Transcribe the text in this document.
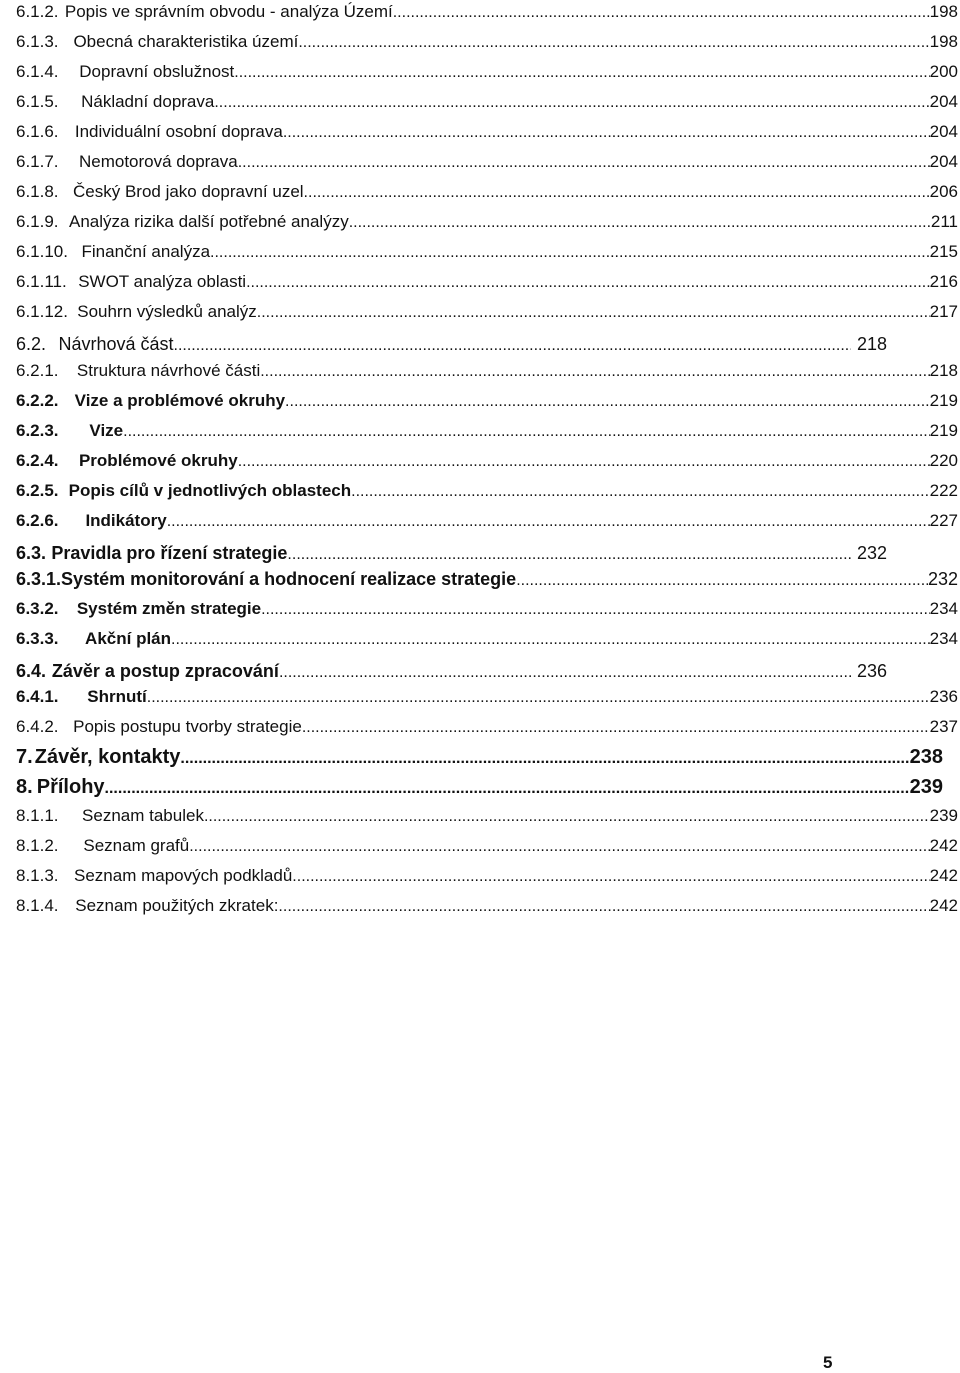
6.1.2. Popis ve správním obvodu - analýza Území .....	198
6.1.3. Obecná charakteristika území .....	198
6.1.4.	Dopravní obslužnost .....	200
6.1.5.	Nákladní doprava .....	204
6.1.6. Individuální osobní doprava .....	204
6.1.7.	Nemotorová doprava .....	204
6.1.8. Český Brod jako dopravní uzel .....	206
6.1.9. Analýza rizika další potřebné analýzy .....	211
6.1.10. Finanční analýza .....	215
6.1.11. SWOT analýza oblasti .....	216
6.1.12. Souhrn výsledků analýz .....	217
6.2. Návrhová část .....	218
6.2.1.	Struktura návrhové části .....	218
6.2.2. Vize a problémové okruhy .....	219
6.2.3.	Vize .....	219
6.2.4.	Problémové okruhy .....	220
6.2.5. Popis cílů v jednotlivých oblastech .....	222
6.2.6.	Indikátory .....	227
6.3. Pravidla pro řízení strategie .....	232
6.3.1. Systém monitorování a hodnocení realizace strategie .....	232
6.3.2.	Systém změn strategie .....	234
6.3.3.	Akční plán .....	234
6.4. Závěr a postup zpracování .....	236
6.4.1.	Shrnutí .....	236
6.4.2. Popis postupu tvorby strategie .....	237
7. Závěr, kontakty .....	238
8. Přílohy .....	239
8.1.1.	Seznam tabulek .....	239
8.1.2.	Seznam grafů .....	242
8.1.3. Seznam mapových podkladů .....	242
8.1.4. Seznam použitých zkratek: .....	242
5
